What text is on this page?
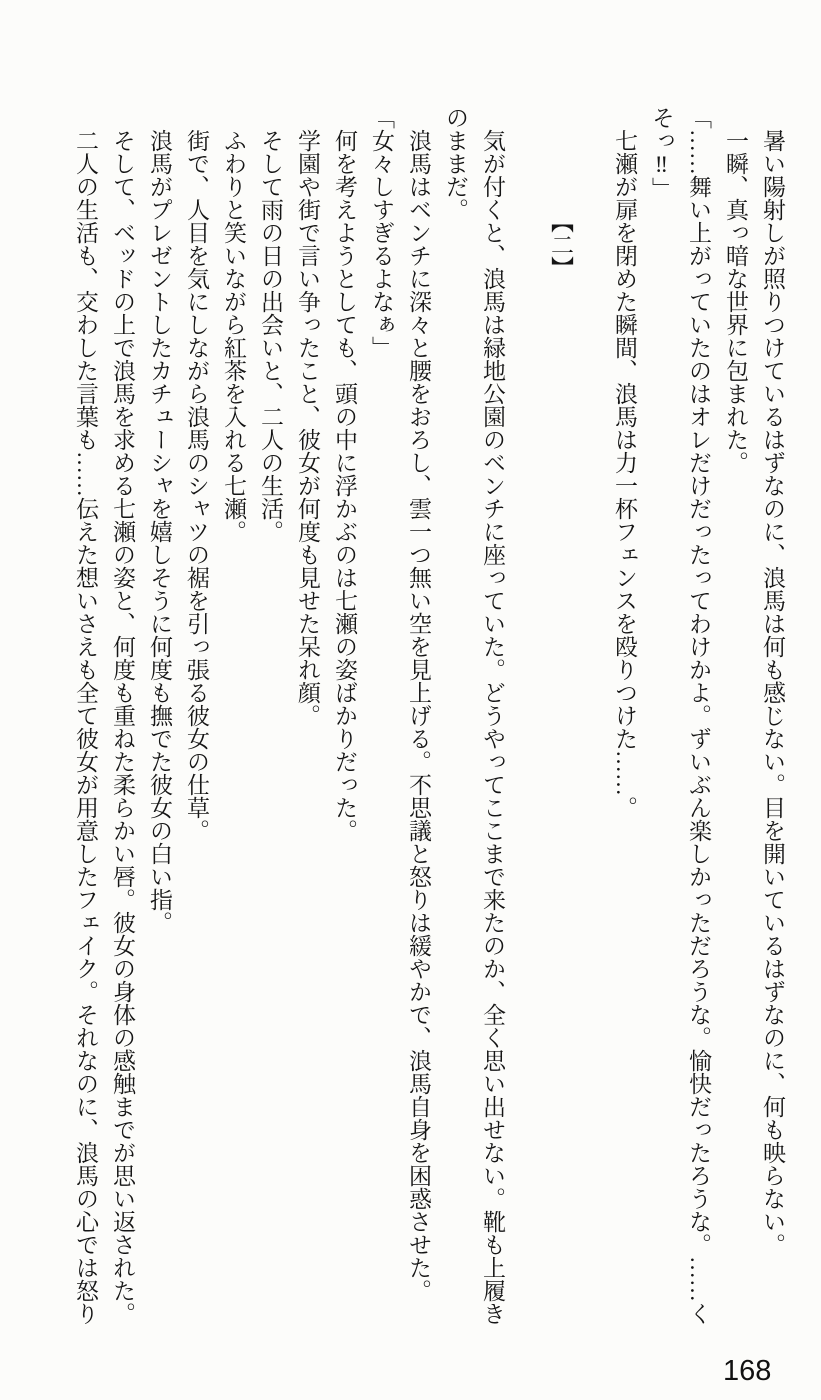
暑い陽射しが照りつけているはずなのに、浪馬は何も感じない。目を開いているはずなのに、何も映らない。

一瞬、真っ暗な世界に包まれた。

「……舞い上がっていたのはオレだけだったってわけかよ。ずいぶん楽しかっただろうな。愉快だったろうな。……くそっ‼」

七瀬が扉を閉めた瞬間、浪馬は力一杯フェンスを殴りつけた……。

【二】

気が付くと、浪馬は緑地公園のベンチに座っていた。どうやってここまで来たのか、全く思い出せない。靴も上履きのままだ。

浪馬はベンチに深々と腰をおろし、雲一つ無い空を見上げる。不思議と怒りは緩やかで、浪馬自身を困惑させた。

「女々しすぎるよなぁ」

何を考えようとしても、頭の中に浮かぶのは七瀬の姿ばかりだった。

学園や街で言い争ったこと、彼女が何度も見せた呆れ顔。

そして雨の日の出会いと、二人の生活。

ふわりと笑いながら紅茶を入れる七瀬。

街で、人目を気にしながら浪馬のシャツの裾を引っ張る彼女の仕草。

浪馬がプレゼントしたカチューシャを嬉しそうに何度も撫でた彼女の白い指。

そして、ベッドの上で浪馬を求める七瀬の姿と、何度も重ねた柔らかい唇。彼女の身体の感触までが思い返された。

二人の生活も、交わした言葉も……伝えた想いさえも全て彼女が用意したフェイク。それなのに、浪馬の心では怒り

168
